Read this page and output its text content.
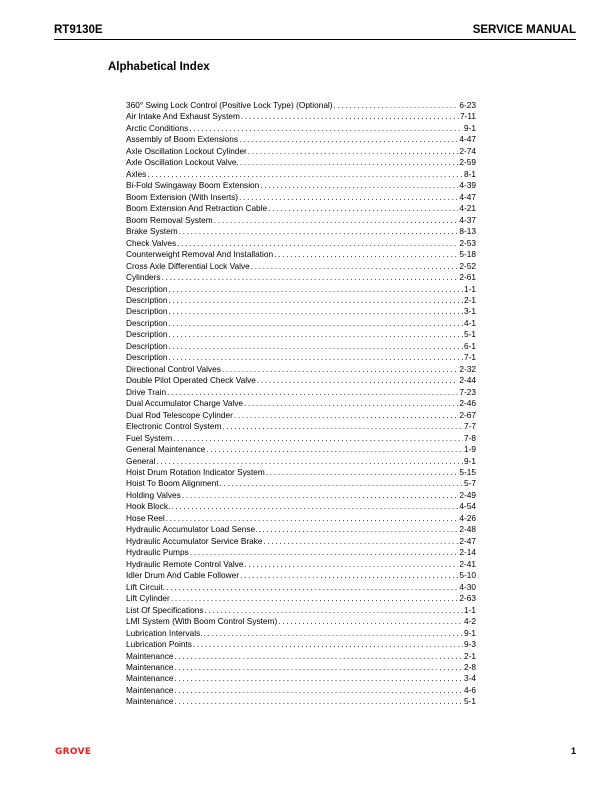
RT9130E	SERVICE MANUAL
Alphabetical Index
360° Swing Lock Control (Positive Lock Type) (Optional) . . .	6-23
Air Intake And Exhaust System . . .	7-11
Arctic Conditions . . .	9-1
Assembly of Boom Extensions . . .	4-47
Axle Oscillation Lockout Cylinder . . .	2-74
Axle Oscillation Lockout Valve. . . .	2-59
Axles . . .	8-1
Bi-Fold Swingaway Boom Extension . . .	4-39
Boom Extension (With Inserts) . . .	4-47
Boom Extension And Retraction Cable . . .	4-21
Boom Removal System . . .	4-37
Brake System . . .	8-13
Check Valves . . .	2-53
Counterweight Removal And Installation . . .	5-18
Cross Axle Differential Lock Valve . . .	2-52
Cylinders . . .	2-61
Description . . .	1-1
Description . . .	2-1
Description . . .	3-1
Description . . .	4-1
Description . . .	5-1
Description . . .	6-1
Description . . .	7-1
Directional Control Valves . . .	2-32
Double Pilot Operated Check Valve . . .	2-44
Drive Train . . .	7-23
Dual Accumulator Charge Valve . . .	2-46
Dual Rod Telescope Cylinder . . .	2-67
Electronic Control System . . .	7-7
Fuel System . . .	7-8
General Maintenance . . .	1-9
General . . .	9-1
Hoist Drum Rotation Indicator System . . .	5-15
Hoist To Boom Alignment . . .	5-7
Holding Valves . . .	2-49
Hook Block. . . .	4-54
Hose Reel . . .	4-26
Hydraulic Accumulator Load Sense. . . .	2-48
Hydraulic Accumulator Service Brake . . .	2-47
Hydraulic Pumps . . .	2-14
Hydraulic Remote Control Valve . . .	2-41
Idler Drum And Cable Follower . . .	5-10
Lift Circuit. . . .	4-30
Lift Cylinder . . .	2-63
List Of Specifications . . .	1-1
LMI System (With Boom Control System) . . .	4-2
Lubrication Intervals. . . .	9-1
Lubrication Points . . .	9-3
Maintenance . . .	2-1
Maintenance . . .	2-8
Maintenance . . .	3-4
Maintenance . . .	4-6
Maintenance . . .	5-1
GROVE	1
